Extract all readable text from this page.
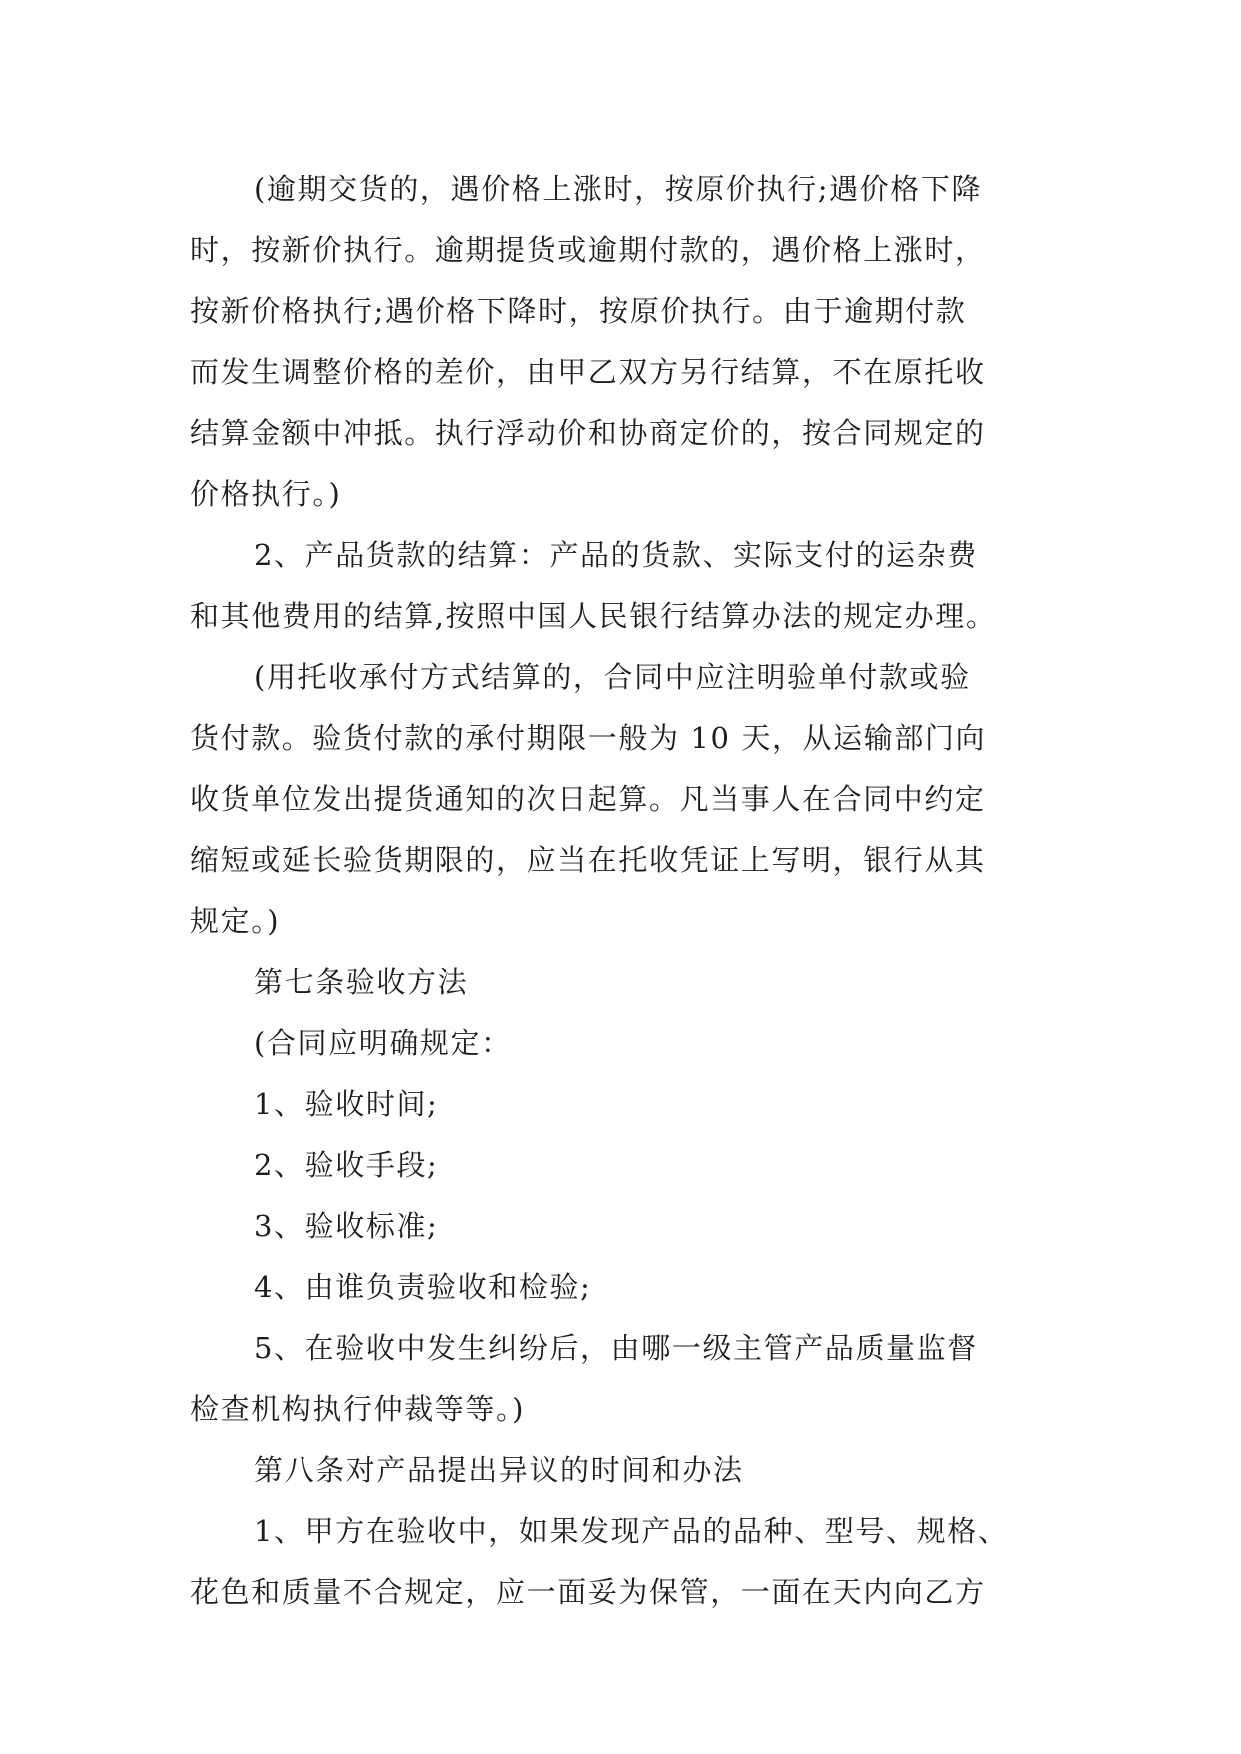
(逾期交货的，遇价格上涨时，按原价执行;遇价格下降
时，按新价执行。逾期提货或逾期付款的，遇价格上涨时，
按新价格执行;遇价格下降时，按原价执行。由于逾期付款
而发生调整价格的差价，由甲乙双方另行结算，不在原托收
结算金额中冲抵。执行浮动价和协商定价的，按合同规定的
价格执行。)
2、产品货款的结算：产品的货款、实际支付的运杂费
和其他费用的结算,按照中国人民银行结算办法的规定办理。
(用托收承付方式结算的，合同中应注明验单付款或验
货付款。验货付款的承付期限一般为 10 天，从运输部门向
收货单位发出提货通知的次日起算。凡当事人在合同中约定
缩短或延长验货期限的，应当在托收凭证上写明，银行从其
规定。)
第七条验收方法
(合同应明确规定：
1、验收时间;
2、验收手段;
3、验收标准;
4、由谁负责验收和检验;
5、在验收中发生纠纷后，由哪一级主管产品质量监督
检查机构执行仲裁等等。)
第八条对产品提出异议的时间和办法
1、甲方在验收中，如果发现产品的品种、型号、规格、
花色和质量不合规定，应一面妥为保管，一面在天内向乙方
